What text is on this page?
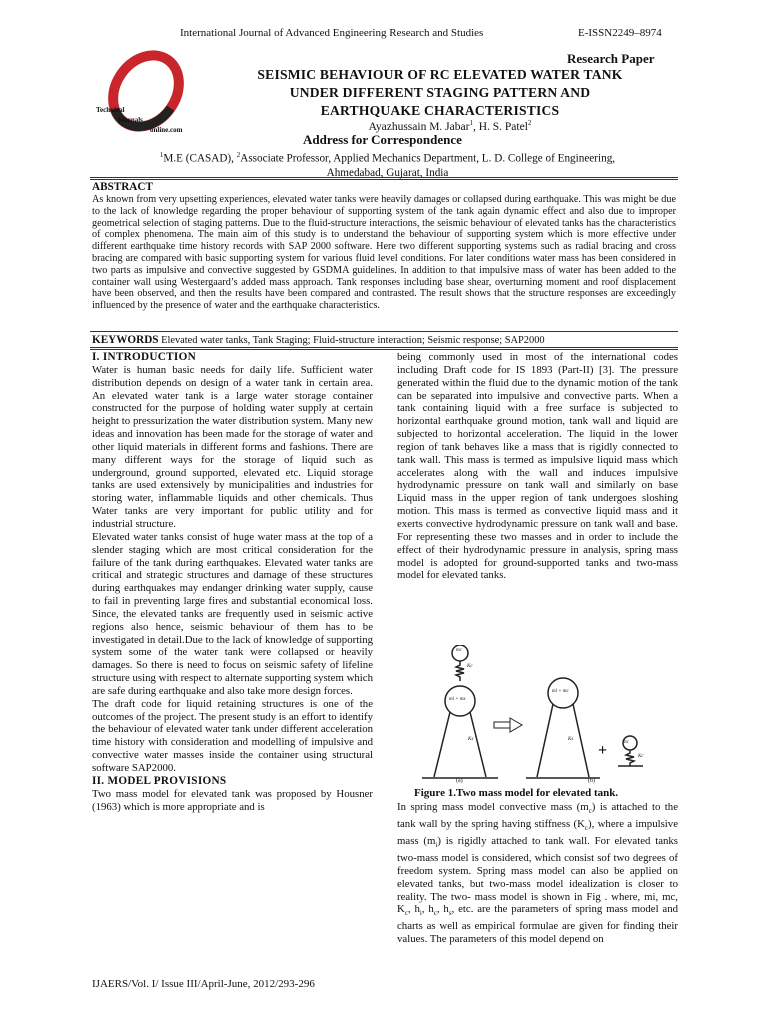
International Journal of Advanced Engineering Research and Studies	E-ISSN2249–8974
Technical
journals
online.com
Research Paper
SEISMIC BEHAVIOUR OF RC ELEVATED WATER TANK
UNDER DIFFERENT STAGING PATTERN AND
EARTHQUAKE CHARACTERISTICS
Ayazhussain M. Jabar$^1$, H. S. Patel$^2$
Address for Correspondence
$^1$M.E (CASAD), $^2$Associate Professor, Applied Mechanics Department, L. D. College of Engineering,
Ahmedabad, Gujarat, India
ABSTRACT
As known from very upsetting experiences, elevated water tanks were heavily damages or collapsed during earthquake. This was might be due to the lack of knowledge regarding the proper behaviour of supporting system of the tank again dynamic effect and also due to improper geometrical selection of staging patterns. Due to the fluid-structure interactions, the seismic behaviour of elevated tanks has the characteristics of complex phenomena. The main aim of this study is to understand the behaviour of supporting system which is more effective under different earthquake time history records with SAP 2000 software. Here two different supporting systems such as radial bracing and cross bracing are compared with basic supporting system for various fluid level conditions. For later conditions water mass has been considered in two parts as impulsive and convective suggested by GSDMA guidelines. In addition to that impulsive mass of water has been added to the container wall using Westergaard’s added mass approach. Tank responses including base shear, overturning moment and roof displacement have been observed, and then the results have been compared and contrasted. The result shows that the structure responses are exceedingly influenced by the presence of water and the earthquake characteristics.
KEYWORDS Elevated water tanks, Tank Staging; Fluid-structure interaction; Seismic response; SAP2000
I. INTRODUCTION

Water is human basic needs for daily life. Sufficient water distribution depends on design of a water tank in certain area. An elevated water tank is a large water storage container constructed for the purpose of holding water supply at certain height to pressurization the water distribution system. Many new ideas and innovation has been made for the storage of water and other liquid materials in different forms and fashions. There are many different ways for the storage of liquid such as underground, ground supported, elevated etc. Liquid storage tanks are used extensively by municipalities and industries for storing water, inflammable liquids and other chemicals. Thus Water tanks are very important for public utility and for industrial structure.

Elevated water tanks consist of huge water mass at the top of a slender staging which are most critical consideration for the failure of the tank during earthquakes. Elevated water tanks are critical and strategic structures and damage of these structures during earthquakes may endanger drinking water supply, cause to fail in preventing large fires and substantial economical loss. Since, the elevated tanks are frequently used in seismic active regions also hence, seismic behaviour of them has to be investigated in detail.Due to the lack of knowledge of supporting system some of the water tank were collapsed or heavily damages. So there is need to focus on seismic safety of lifeline structure using with respect to alternate supporting system which are safe during earthquake and also take more design forces.

The draft code for liquid retaining structures is one of the outcomes of the project. The present study is an effort to identify the behaviour of elevated water tank under different acceleration time history with consideration and modelling of impulsive and convective water masses inside the container using structural software SAP2000.

II. MODEL PROVISIONS

Two mass model for elevated tank was proposed by Housner (1963) which is more appropriate and is

being commonly used in most of the international codes including Draft code for IS 1893 (Part-II) [3]. The pressure generated within the fluid due to the dynamic motion of the tank can be separated into impulsive and convective parts. When a tank containing liquid with a free surface is subjected to horizontal earthquake ground motion, tank wall and liquid are subjected to horizontal acceleration. The liquid in the lower region of tank behaves like a mass that is rigidly connected to tank wall. This mass is termed as impulsive liquid mass which accelerates along with the wall and induces impulsive hydrodynamic pressure on tank wall and similarly on base Liquid mass in the upper region of tank undergoes sloshing motion. This mass is termed as convective liquid mass and it exerts convective hydrodynamic pressure on tank wall and base. For representing these two masses and in order to include the effect of their hydrodynamic pressure in analysis, spring mass model is adopted for ground-supported tanks and two-mass model for elevated tanks.

mc
Kc
mi + ms
mi + mc
Ks	Ks
mc
Kc
+
(a)	(b)
Figure 1.Two mass model for elevated tank.

In spring mass model convective mass $(m_c)$ is attached to the tank wall by the spring having stiffness $(K_c)$, where a impulsive mass $(m_i)$ is rigidly attached to tank wall. For elevated tanks two-mass model is considered, which consist sof two degrees of freedom system. Spring mass model can also be applied on elevated tanks, but two-mass model idealization is closer to reality. The two- mass model is shown in Fig . where, mi, mc, $K_c$, $h_i$, $h_c$, $h_s$, etc. are the parameters of spring mass model and charts as well as empirical formulae are given for finding their values. The parameters of this model depend on

IJAERS/Vol. I/ Issue III/April-June, 2012/293-296
